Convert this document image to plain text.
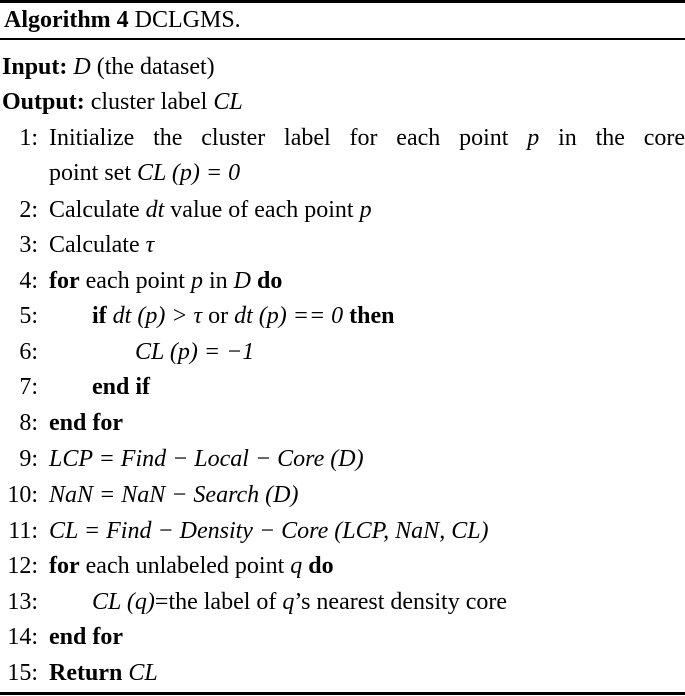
Algorithm 4 DCLGMS.
Input: D (the dataset)
Output: cluster label CL
1: Initialize the cluster label for each point p in the core
point set CL (p) = 0
2: Calculate dt value of each point p
3: Calculate τ
4: for each point p in D do
5: if dt (p) > τ or dt (p) == 0 then
6:	CL (p) = −1
7: end if
8: end for
9: LCP = Find − Local − Core (D)
10: NaN = NaN − Search (D)
11: CL = Find − Density − Core (LCP, NaN, CL)
12: for each unlabeled point q do
13: CL (q)=the label of q’s nearest density core
14: end for
15: Return CL
